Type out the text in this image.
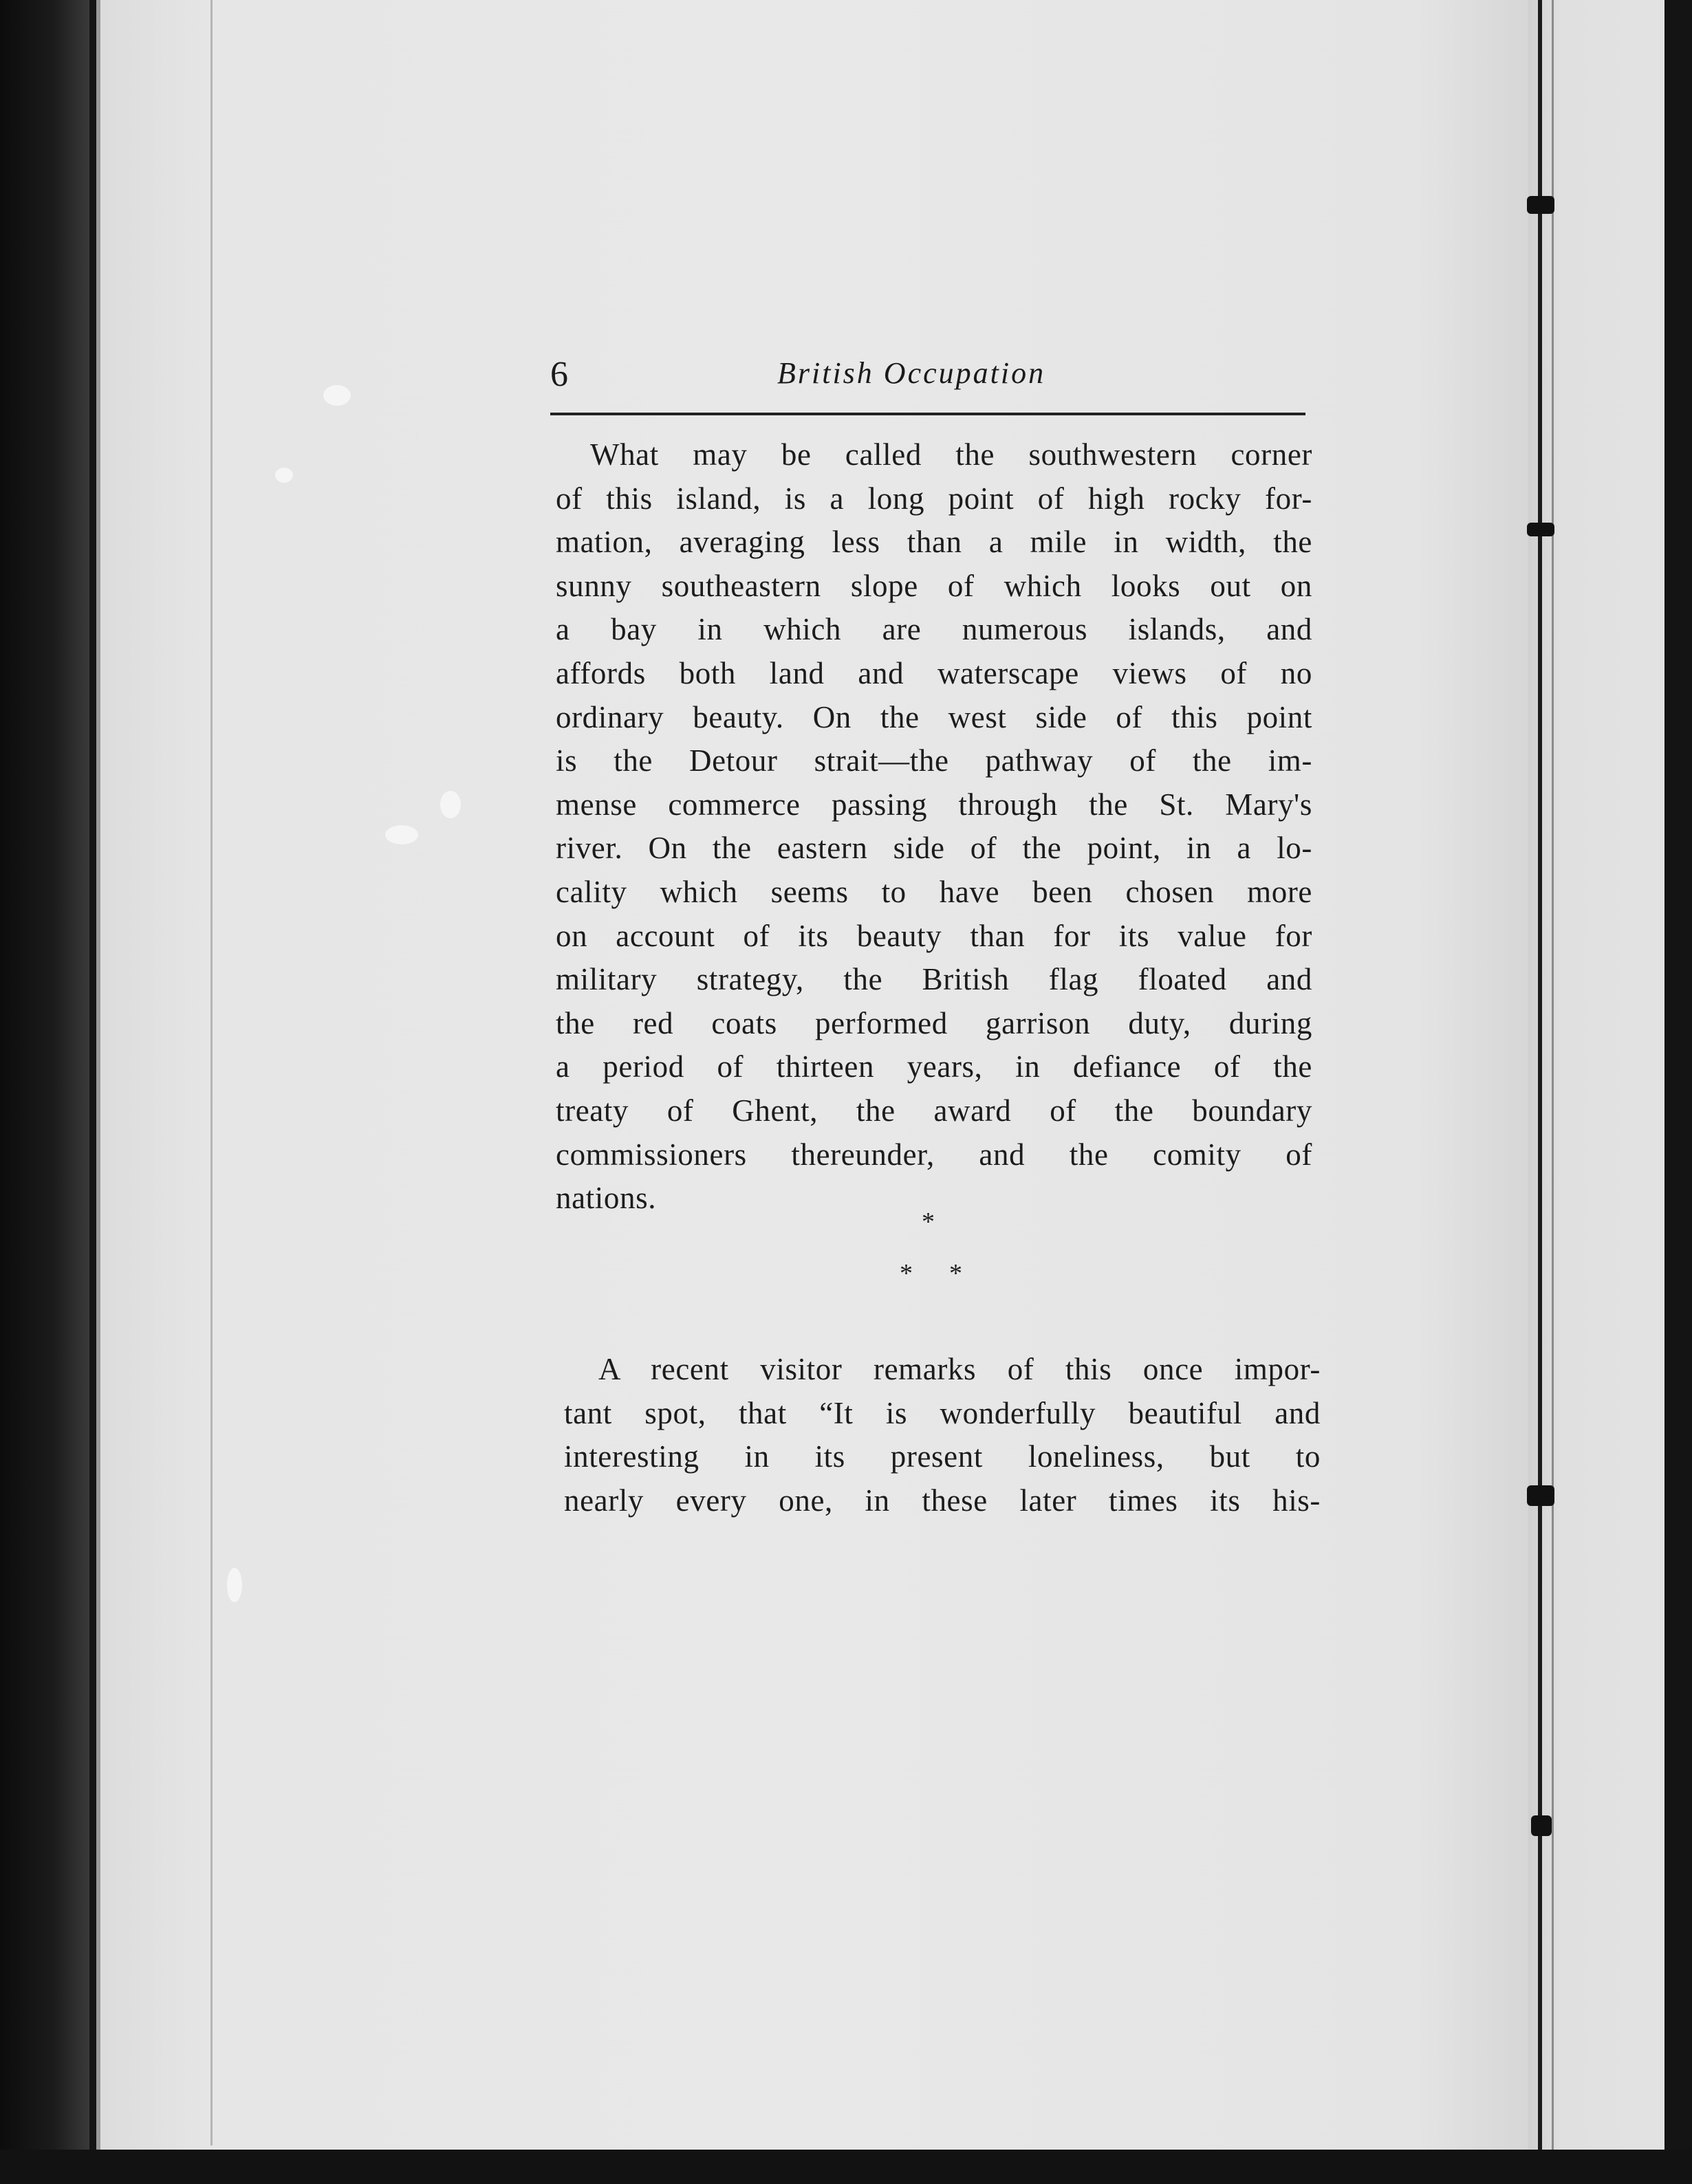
6	British Occupation

What may be called the southwestern corner
of this island, is a long point of high rocky for-
mation, averaging less than a mile in width, the
sunny southeastern slope of which looks out on
a bay in which are numerous islands, and
affords both land and waterscape views of no
ordinary beauty. On the west side of this point
is the Detour strait—the pathway of the im-
mense commerce passing through the St. Mary's
river. On the eastern side of the point, in a lo-
cality which seems to have been chosen more
on account of its beauty than for its value for
military strategy, the British flag floated and
the red coats performed garrison duty, during
a period of thirteen years, in defiance of the
treaty of Ghent, the award of the boundary
commissioners thereunder, and the comity of
nations.
*
* *
A recent visitor remarks of this once impor-
tant spot, that “It is wonderfully beautiful and
interesting in its present loneliness, but to
nearly every one, in these later times its his-
